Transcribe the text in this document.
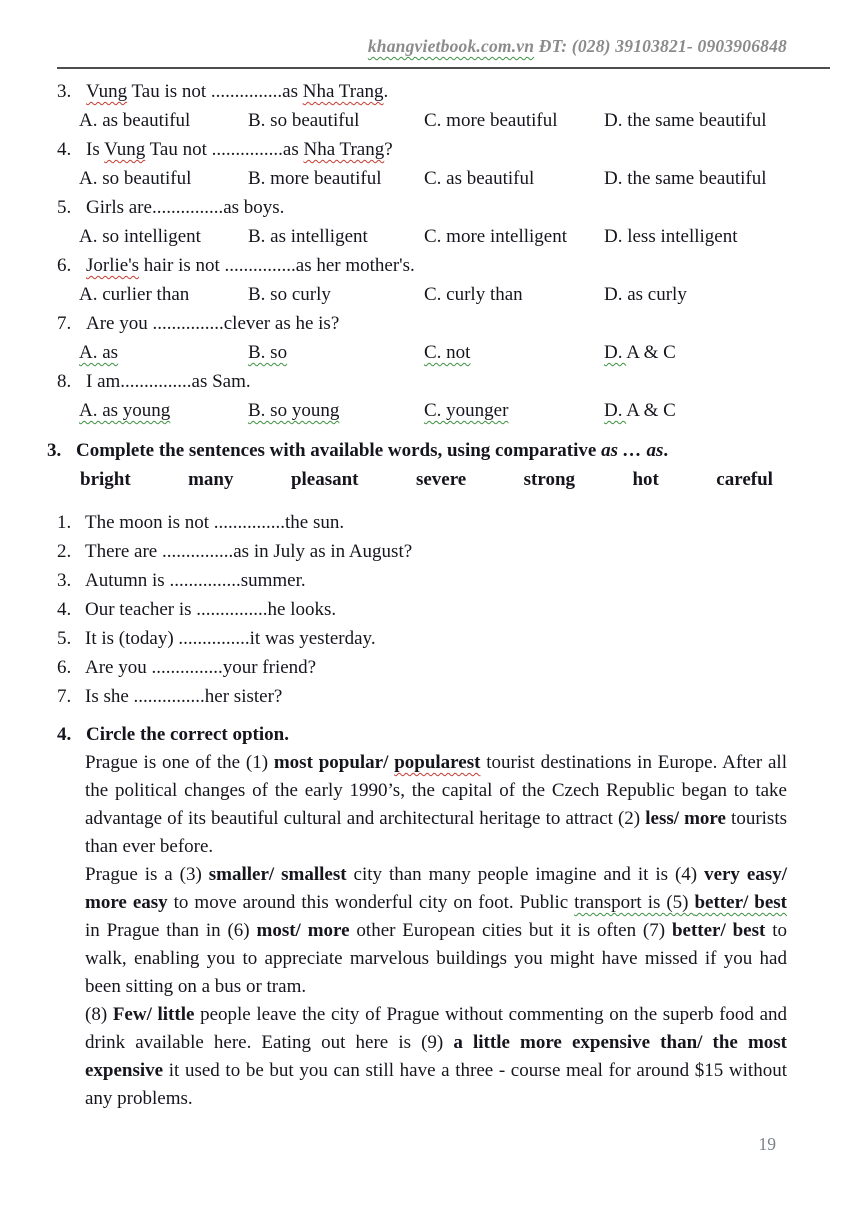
khangvietbook.com.vn ĐT: (028) 39103821- 0903906848
3. Vung Tau is not ...............as Nha Trang.
A. as beautiful	B. so beautiful	C. more beautiful	D. the same beautiful
4. Is Vung Tau not ...............as Nha Trang?
A. so beautiful	B. more beautiful	C. as beautiful	D. the same beautiful
5. Girls are...............as boys.
A. so intelligent	B. as intelligent	C. more intelligent	D. less intelligent
6. Jorlie's hair is not ...............as her mother's.
A. curlier than	B. so curly	C. curly than	D. as curly
7. Are you ...............clever as he is?
A. as	B. so	C. not	D. A & C
8. I am...............as Sam.
A. as young	B. so young	C. younger	D. A & C
3. Complete the sentences with available words, using comparative as … as.
bright	many	pleasant	severe	strong	hot	careful
1. The moon is not ...............the sun.
2. There are ...............as in July as in August?
3. Autumn is ...............summer.
4. Our teacher is ...............he looks.
5. It is (today) ...............it was yesterday.
6. Are you ...............your friend?
7. Is she ...............her sister?
4. Circle the correct option.

Prague is one of the (1) most popular/ popularest tourist destinations in Europe. After all the political changes of the early 1990’s, the capital of the Czech Republic began to take advantage of its beautiful cultural and architectural heritage to attract (2) less/ more tourists than ever before.

Prague is a (3) smaller/ smallest city than many people imagine and it is (4) very easy/ more easy to move around this wonderful city on foot. Public transport is (5) better/ best in Prague than in (6) most/ more other European cities but it is often (7) better/ best to walk, enabling you to appreciate marvelous buildings you might have missed if you had been sitting on a bus or tram.

(8) Few/ little people leave the city of Prague without commenting on the superb food and drink available here. Eating out here is (9) a little more expensive than/ the most expensive it used to be but you can still have a three - course meal for around $15 without any problems.

19
